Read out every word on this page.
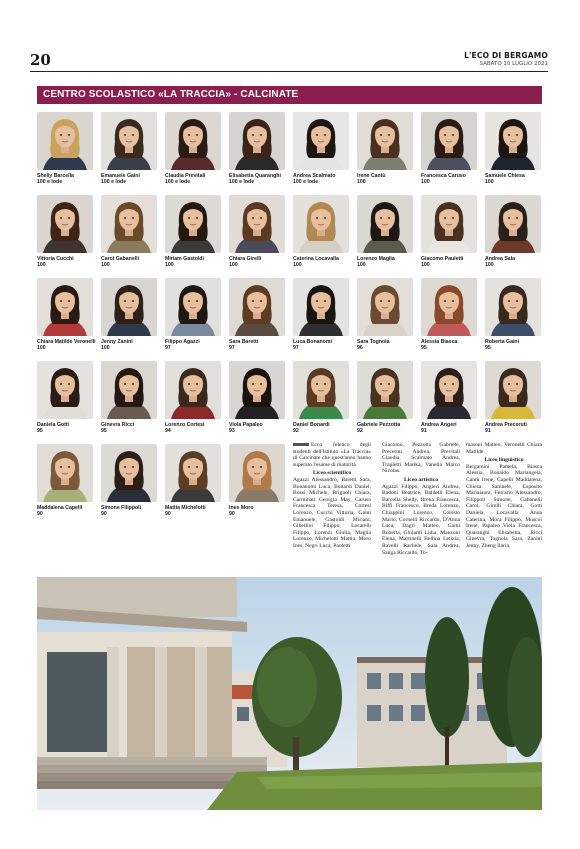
20	L'ECO DI BERGAMO
SABATO 10 LUGLIO 2021
CENTRO SCOLASTICO «LA TRACCIA» - CALCINATE
Shelly Barcella
100 e lode
Emanuele Gaini
100 e lode
Claudia Previtali
100 e lode
Elisabetta Quaranghi
100 e lode
Andrea Scalmato
100 e lode
Irene Cantù
100
Francesca Caruso
100
Samuele Chiesa
100
Vittoria Cucchi
100
Carol Gabanelli
100
Miriam Gastoldi
100
Chiara Girelli
100
Caterina Locavalla
100
Lorenzo Maglia
100
Giacomo Pauletti
100
Andrea Sala
100
Chiara Matilde Veronelli
100
Jenny Zanini
100
Filippo Agazzi
97
Sara Baretti
97
Luca Bonanomi
97
Sara Tognola
96
Alessia Biasca
95
Roberta Gaini
95
Daniela Gotti
95
Ginevra Ricci
95
Lorenzo Cortesi
94
Viola Papaleo
93
Daniel Bonardi
92
Gabriele Pezzotta
92
Andrea Angeri
91
Andrea Preceruti
91
Maddalena Capelli
90
Simone Filippoli
90
Mattia Michelotti
90
Ines Moro
90

Ecco l'elenco degli studenti dell'Istituto «La Traccia» di Calcinate che quest'anno hanno superato l'esame di maturità.

Liceo scientifico

Agazzi Alessandro, Baretti Sara, Bonanomi Luca, Bonardi Daniel, Bossi Michele, Brignoli Chiara, Carminati Georgia May, Caruso Francesca Teresa, Cortesi Lorenzo, Cucchi Vittoria, Gaini Emanuele, Gastoldi Miriam, Gibellini Filippo, Locatelli Filippo, Lorenzi Giulia, Maglia Lorenzo, Michelotti Mattia, Moro Ines, Negri Luca, Paoletti

Giacomo, Pezzotta Gabriele, Preceruti Andrea, Previtali Claudia, Scalmato Andrea, Trapletti Marika, Vanella Marco Nicolas.

Liceo artistico

Agazzi Filippo, Angieri Andrea, Badoni Beatrice, Baldelli Elena, Barcella Shelly, Brena Francesca, Biffi Francesco, Breda Lorenzo, Chiappini Lorenzo, Colosio Mario, Cornelli Riccardo, D'Anna Luca, Dagri Matteo, Gaini Roberta, Ghilardi Lidia, Manzoni Elena, Martinelli Bellina Letizia, Ravelli Rachele, Sala Andrea, Sanga Riccardo, To-

masoni Matteo, Veronelli Chiara Matilde.

Liceo linguistico

Bergamini Pamela, Biasca Alessia, Bonaldo Mariangela, Cantù Irene, Capelli Maddalena, Chiesa Samuele, Esposito Marialaura, Ferrario Alessandro, Filippoli Simone, Gabanelli Carol, Girelli Chiara, Gotti Daniela, Locavalla Anna Caterina, Mora Filippo, Muscoi Irene, Papaleo Viola Francesca, Quaranghi Elisabetta, Ricci Ginevra, Tognola Sara, Zanini Jenny, Zheng Ilaria.
